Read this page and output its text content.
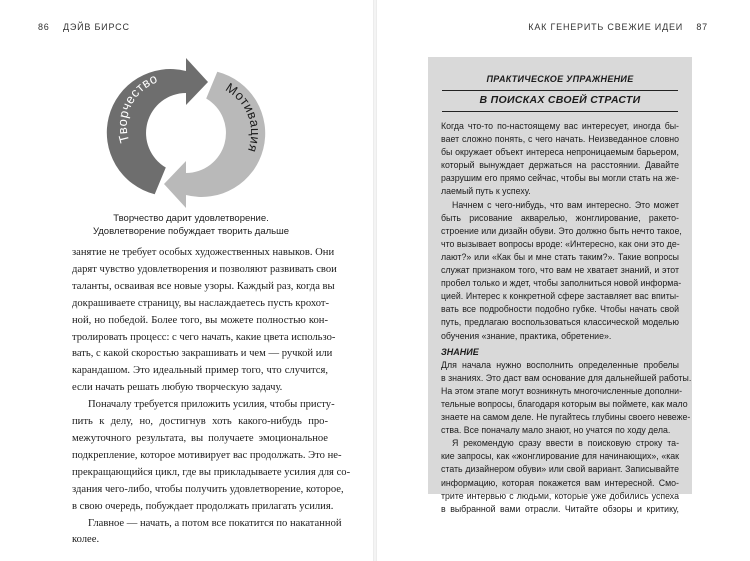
86 ДЭЙВ БИРСС
Творчество
Мотивация
Творчество дарит удовлетворение.
Удовлетворение побуждает творить дальше
занятие не требует особых художественных навыков. Они
дарят чувство удовлетворения и позволяют развивать свои
таланты, осваивая все новые узоры. Каждый раз, когда вы
докрашиваете страницу, вы наслаждаетесь пусть крохот-
ной, но победой. Более того, вы можете полностью кон-
тролировать процесс: с чего начать, какие цвета использо-
вать, с какой скоростью закрашивать и чем — ручкой или
карандашом. Это идеальный пример того, что случится,
если начать решать любую творческую задачу.
Поначалу требуется приложить усилия, чтобы присту-
пить к делу, но, достигнув хоть какого-нибудь про-
межуточного результата, вы получаете эмоциональное
подкрепление, которое мотивирует вас продолжать. Это не-
прекращающийся цикл, где вы прикладываете усилия для со-
здания чего-либо, чтобы получить удовлетворение, которое,
в свою очередь, побуждает продолжать прилагать усилия.
Главное — начать, а потом все покатится по накатанной
колее.
КАК ГЕНЕРИТЬ СВЕЖИЕ ИДЕИ 87
ПРАКТИЧЕСКОЕ УПРАЖНЕНИЕ
В ПОИСКАХ СВОЕЙ СТРАСТИ
Когда что-то по-настоящему вас интересует, иногда бы-
вает сложно понять, с чего начать. Неизведанное словно
бы окружает объект интереса непроницаемым барьером,
который вынуждает держаться на расстоянии. Давайте
разрушим его прямо сейчас, чтобы вы могли стать на же-
лаемый путь к успеху.
Начнем с чего-нибудь, что вам интересно. Это может
быть рисование акварелью, жонглирование, ракето-
строение или дизайн обуви. Это должно быть нечто такое,
что вызывает вопросы вроде: «Интересно, как они это де-
лают?» или «Как бы и мне стать таким?». Такие вопросы
служат признаком того, что вам не хватает знаний, и этот
пробел только и ждет, чтобы заполниться новой информа-
цией. Интерес к конкретной сфере заставляет вас впиты-
вать все подробности подобно губке. Чтобы начать свой
путь, предлагаю воспользоваться классической моделью
обучения «знание, практика, обретение».
ЗНАНИЕ
Для начала нужно восполнить определенные пробелы
в знаниях. Это даст вам основание для дальнейшей работы.
На этом этапе могут возникнуть многочисленные дополни-
тельные вопросы, благодаря которым вы поймете, как мало
знаете на самом деле. Не пугайтесь глубины своего невеже-
ства. Все поначалу мало знают, но учатся по ходу дела.
Я рекомендую сразу ввести в поисковую строку та-
кие запросы, как «жонглирование для начинающих», «как
стать дизайнером обуви» или свой вариант. Записывайте
информацию, которая покажется вам интересной. Смо-
трите интервью с людьми, которые уже добились успеха
в выбранной вами отрасли. Читайте обзоры и критику,
